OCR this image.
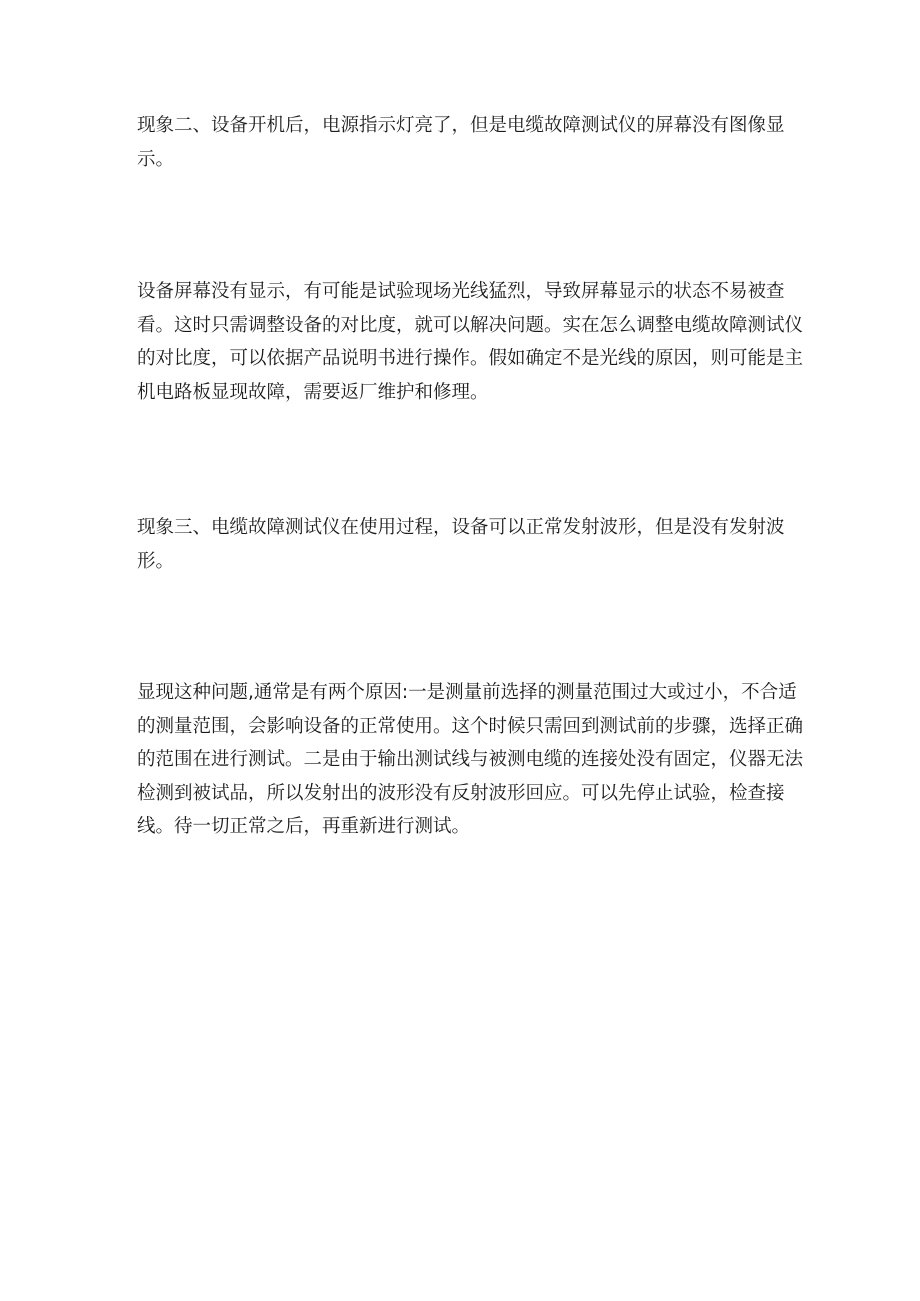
现象二、设备开机后，电源指示灯亮了，但是电缆故障测试仪的屏幕没有图像显示。

设备屏幕没有显示，有可能是试验现场光线猛烈，导致屏幕显示的状态不易被查看。这时只需调整设备的对比度，就可以解决问题。实在怎么调整电缆故障测试仪的对比度，可以依据产品说明书进行操作。假如确定不是光线的原因，则可能是主机电路板显现故障，需要返厂维护和修理。

现象三、电缆故障测试仪在使用过程，设备可以正常发射波形，但是没有发射波形。

显现这种问题,通常是有两个原因:一是测量前选择的测量范围过大或过小，不合适的测量范围，会影响设备的正常使用。这个时候只需回到测试前的步骤，选择正确的范围在进行测试。二是由于输出测试线与被测电缆的连接处没有固定，仪器无法检测到被试品，所以发射出的波形没有反射波形回应。可以先停止试验，检查接线。待一切正常之后，再重新进行测试。
